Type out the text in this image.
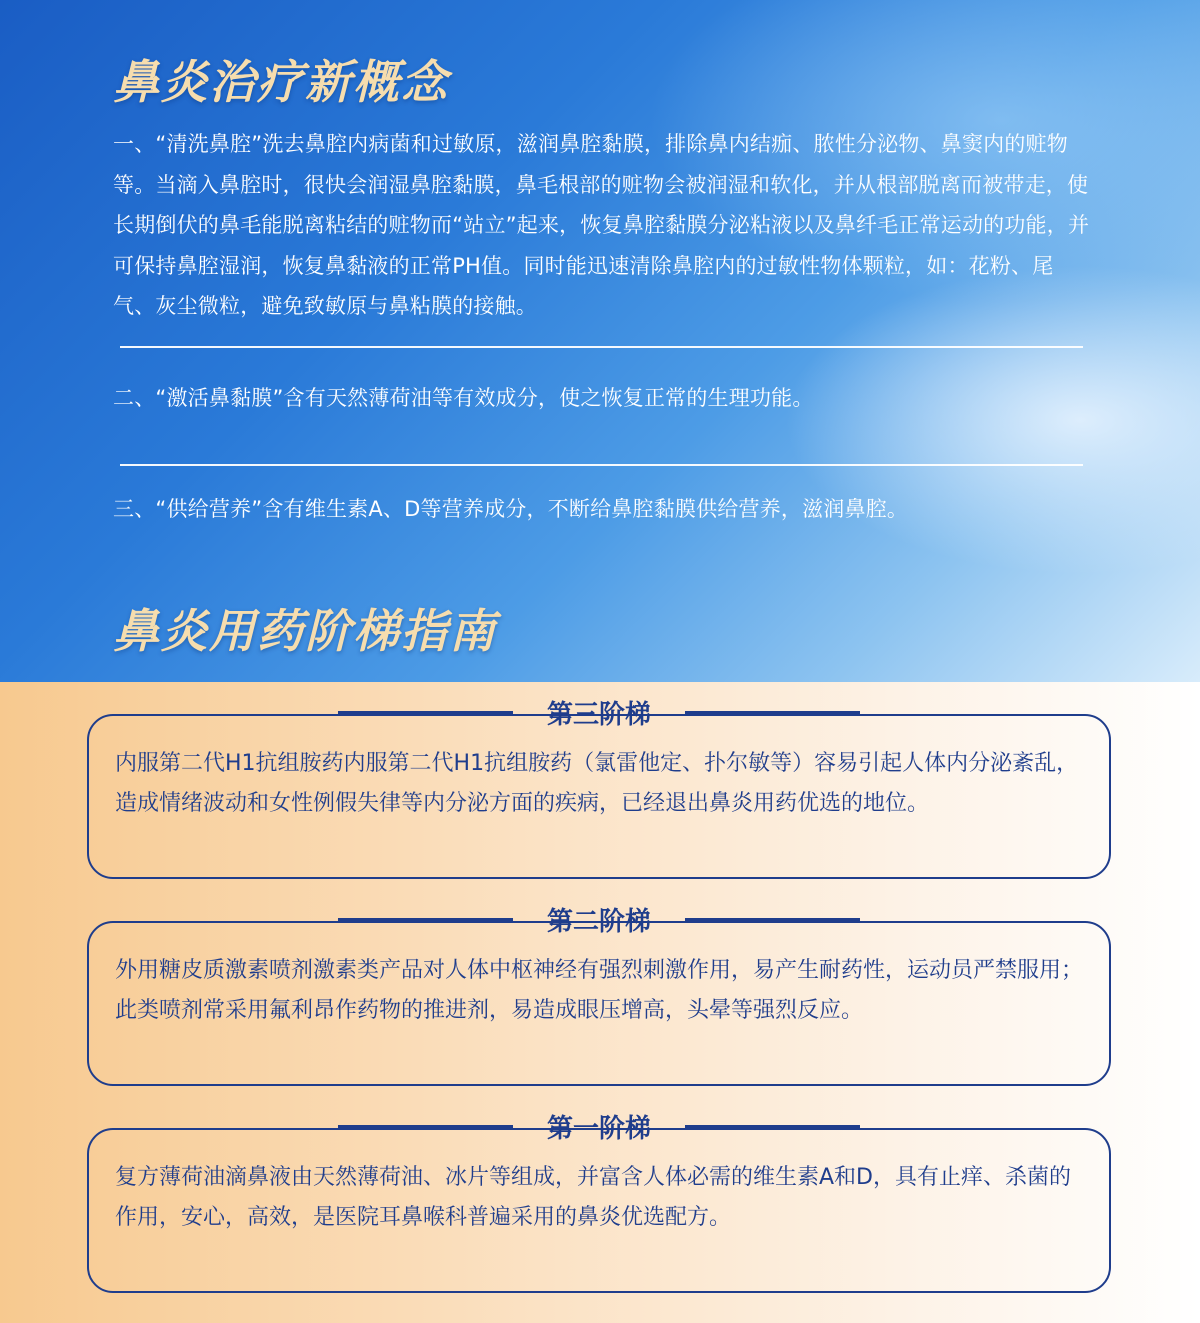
鼻炎治疗新概念

一、“清洗鼻腔”洗去鼻腔内病菌和过敏原，滋润鼻腔黏膜，排除鼻内结痂、脓性分泌物、鼻窦内的赃物等。当滴入鼻腔时，很快会润湿鼻腔黏膜，鼻毛根部的赃物会被润湿和软化，并从根部脱离而被带走，使长期倒伏的鼻毛能脱离粘结的赃物而“站立”起来，恢复鼻腔黏膜分泌粘液以及鼻纤毛正常运动的功能，并可保持鼻腔湿润，恢复鼻黏液的正常PH值。同时能迅速清除鼻腔内的过敏性物体颗粒，如：花粉、尾气、灰尘微粒，避免致敏原与鼻粘膜的接触。

二、“激活鼻黏膜”含有天然薄荷油等有效成分，使之恢复正常的生理功能。

三、“供给营养”含有维生素A、D等营养成分，不断给鼻腔黏膜供给营养，滋润鼻腔。

鼻炎用药阶梯指南
第三阶梯

内服第二代H1抗组胺药内服第二代H1抗组胺药（氯雷他定、扑尔敏等）容易引起人体内分泌紊乱，造成情绪波动和女性例假失律等内分泌方面的疾病，已经退出鼻炎用药优选的地位。

第二阶梯

外用糖皮质激素喷剂激素类产品对人体中枢神经有强烈刺激作用，易产生耐药性，运动员严禁服用；此类喷剂常采用氟利昂作药物的推进剂，易造成眼压增高，头晕等强烈反应。

第一阶梯

复方薄荷油滴鼻液由天然薄荷油、冰片等组成，并富含人体必需的维生素A和D，具有止痒、杀菌的作用，安心，高效，是医院耳鼻喉科普遍采用的鼻炎优选配方。
